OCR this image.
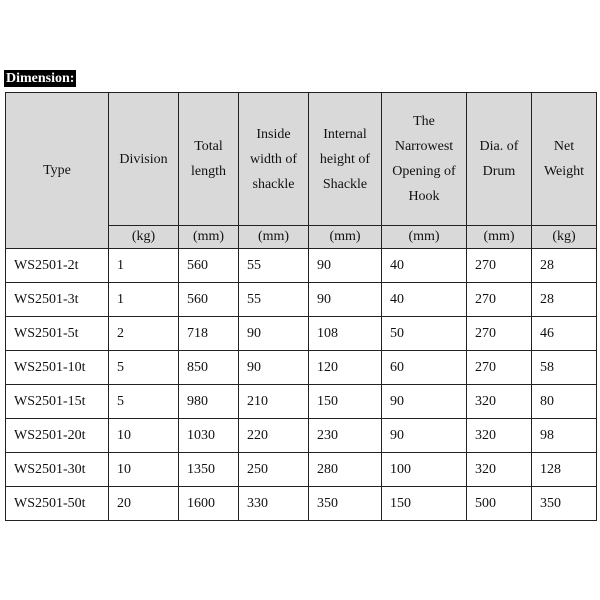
Dimension:
Type	Division	Total length	Inside width of shackle	Internal height of Shackle	The Narrowest Opening of Hook	Dia. of Drum	Net Weight
	(kg)	(mm)	(mm)	(mm)	(mm)	(mm)	(kg)
WS2501-2t	1	560	55	90	40	270	28
WS2501-3t	1	560	55	90	40	270	28
WS2501-5t	2	718	90	108	50	270	46
WS2501-10t	5	850	90	120	60	270	58
WS2501-15t	5	980	210	150	90	320	80
WS2501-20t	10	1030	220	230	90	320	98
WS2501-30t	10	1350	250	280	100	320	128
WS2501-50t	20	1600	330	350	150	500	350
